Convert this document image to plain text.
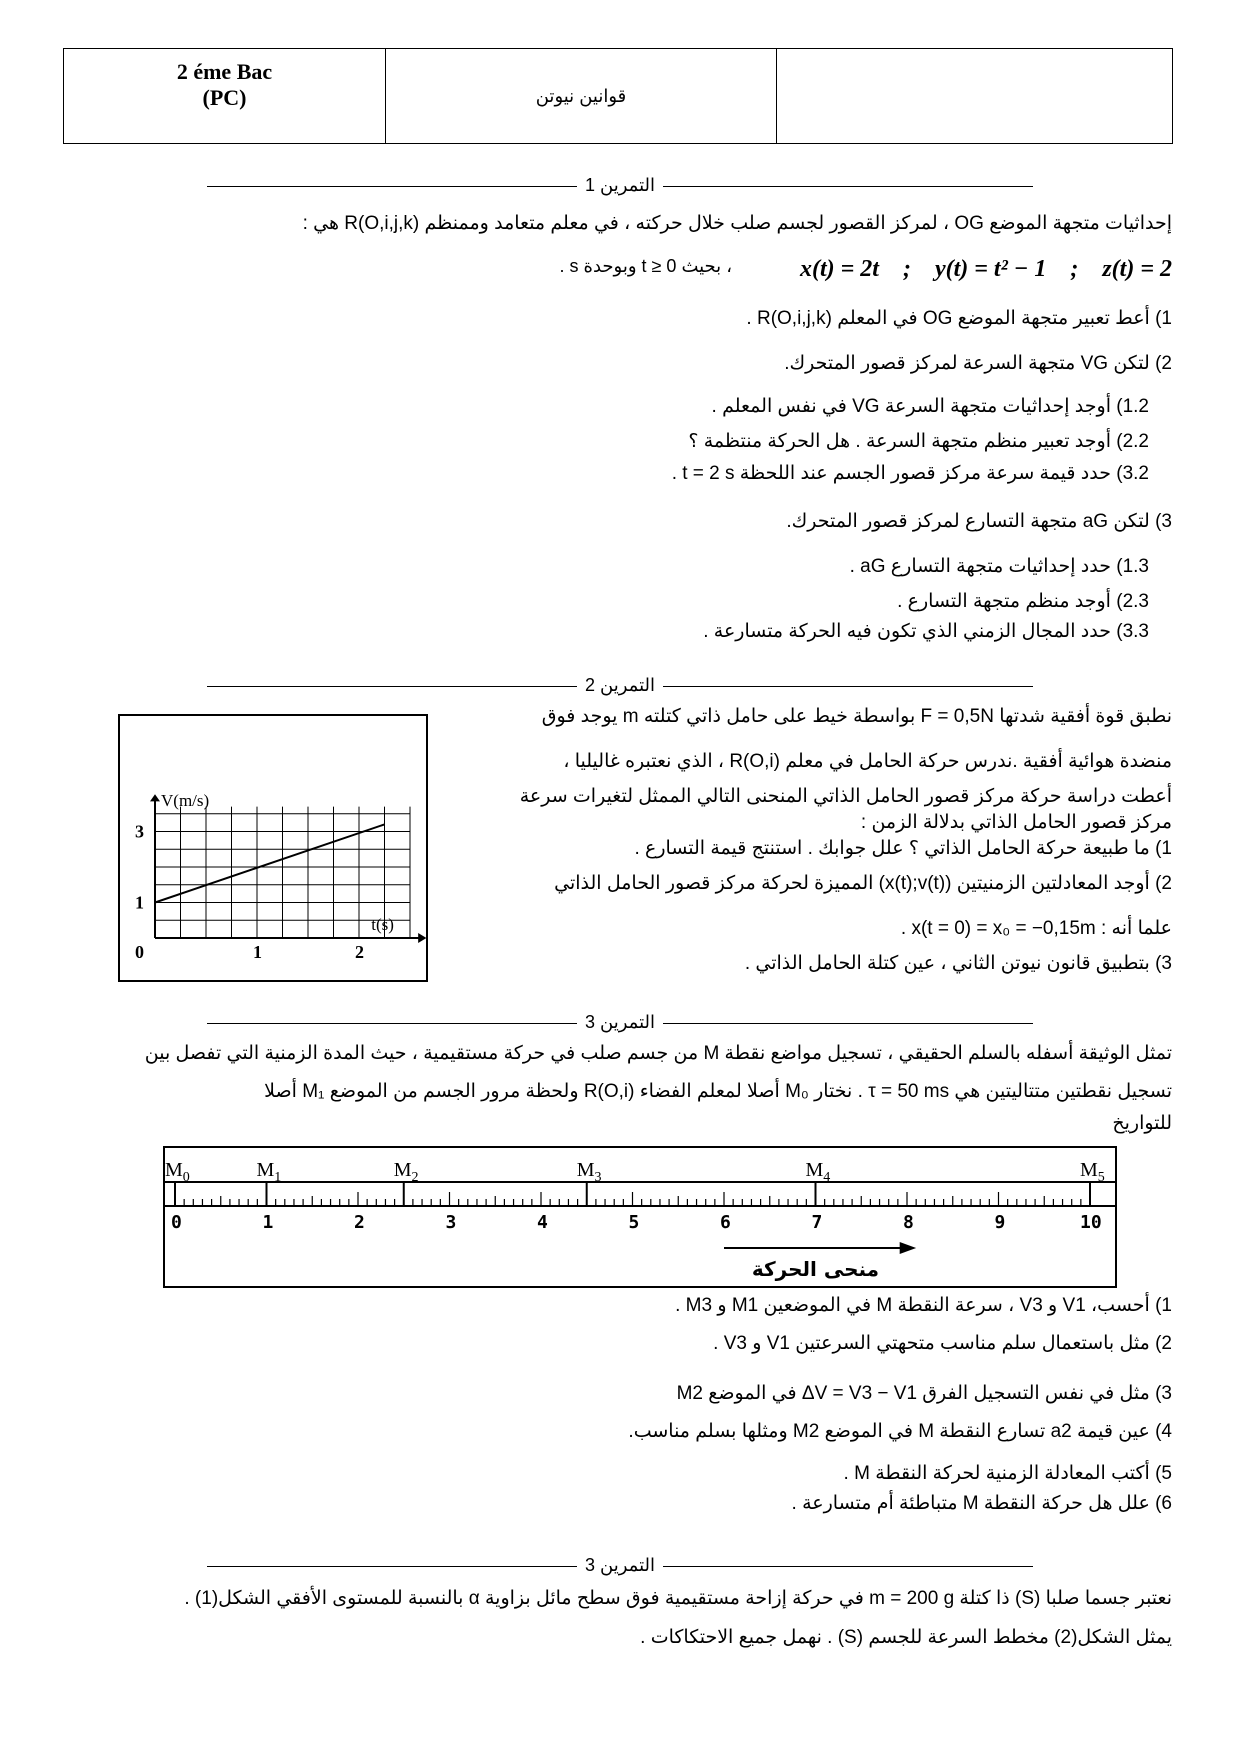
2 éme Bac
(PC)	قوانين نيوتن
التمرين 1
إحداثيات متجهة الموضع OG ، لمركز القصور لجسم صلب خلال حركته ، في معلم متعامد وممنظم R(O,i,j,k) هي :
x(t) = 2t    ;    y(t) = t² − 1    ;    z(t) = 2
، بحيث t ≥ 0 وبوحدة s .
1) أعط تعبير متجهة الموضع OG في المعلم R(O,i,j,k) .
2) لتكن VG متجهة السرعة لمركز قصور المتحرك.
1.2) أوجد إحداثيات متجهة السرعة VG في نفس المعلم .
2.2) أوجد تعبير منظم متجهة السرعة . هل الحركة منتظمة ؟
3.2) حدد قيمة سرعة مركز قصور الجسم عند اللحظة t = 2 s .
3) لتكن aG متجهة التسارع لمركز قصور المتحرك.
1.3) حدد إحداثيات متجهة التسارع aG .
2.3) أوجد منظم متجهة التسارع .
3.3) حدد المجال الزمني الذي تكون فيه الحركة متسارعة .
التمرين 2
نطبق قوة أفقية شدتها F = 0,5N بواسطة خيط على حامل ذاتي كتلته m يوجد فوق
منضدة هوائية أفقية .ندرس حركة الحامل في معلم R(O,i) ، الذي نعتبره غاليليا ،
أعطت دراسة حركة مركز قصور الحامل الذاتي المنحنى التالي الممثل لتغيرات سرعة
مركز قصور الحامل الذاتي بدلالة الزمن :
1) ما طبيعة حركة الحامل الذاتي ؟ علل جوابك . استنتج قيمة التسارع .
2) أوجد المعادلتين الزمنيتين (x(t);v(t)) المميزة لحركة مركز قصور الحامل الذاتي
علما أنه : x(t = 0) = x₀ = −0,15m .
3) بتطبيق قانون نيوتن الثاني ، عين كتلة الحامل الذاتي .
V(m/s)
t(s)
0	1	2
1
3
التمرين 3
تمثل الوثيقة أسفله بالسلم الحقيقي ، تسجيل مواضع نقطة M من جسم صلب في حركة مستقيمية ، حيث المدة الزمنية التي تفصل بين
تسجيل نقطتين متتاليتين هي τ = 50 ms . نختار M₀ أصلا لمعلم الفضاء R(O,i) ولحظة مرور الجسم من الموضع M₁ أصلا
للتواريخ
0	1	2	3	4	5	6	7	8	9	10
$M_0$	$M_1$	$M_2$	$M_3$	$M_4$	$M_5$
منحى الحركة
1) أحسب، V1 و V3 ، سرعة النقطة M في الموضعين M1 و M3 .
2) مثل باستعمال سلم مناسب متحهتي السرعتين V1 و V3 .
3) مثل في نفس التسجيل الفرق ΔV = V3 − V1 في الموضع M2
4) عين قيمة a2 تسارع النقطة M في الموضع M2 ومثلها بسلم مناسب.
5) أكتب المعادلة الزمنية لحركة النقطة M .
6) علل هل حركة النقطة M متباطئة أم متسارعة .
التمرين 3
نعتبر جسما صلبا (S) ذا كتلة m = 200 g في حركة إزاحة مستقيمية فوق سطح مائل بزاوية α بالنسبة للمستوى الأفقي الشكل(1) .
يمثل الشكل(2) مخطط السرعة للجسم (S) . نهمل جميع الاحتكاكات .
